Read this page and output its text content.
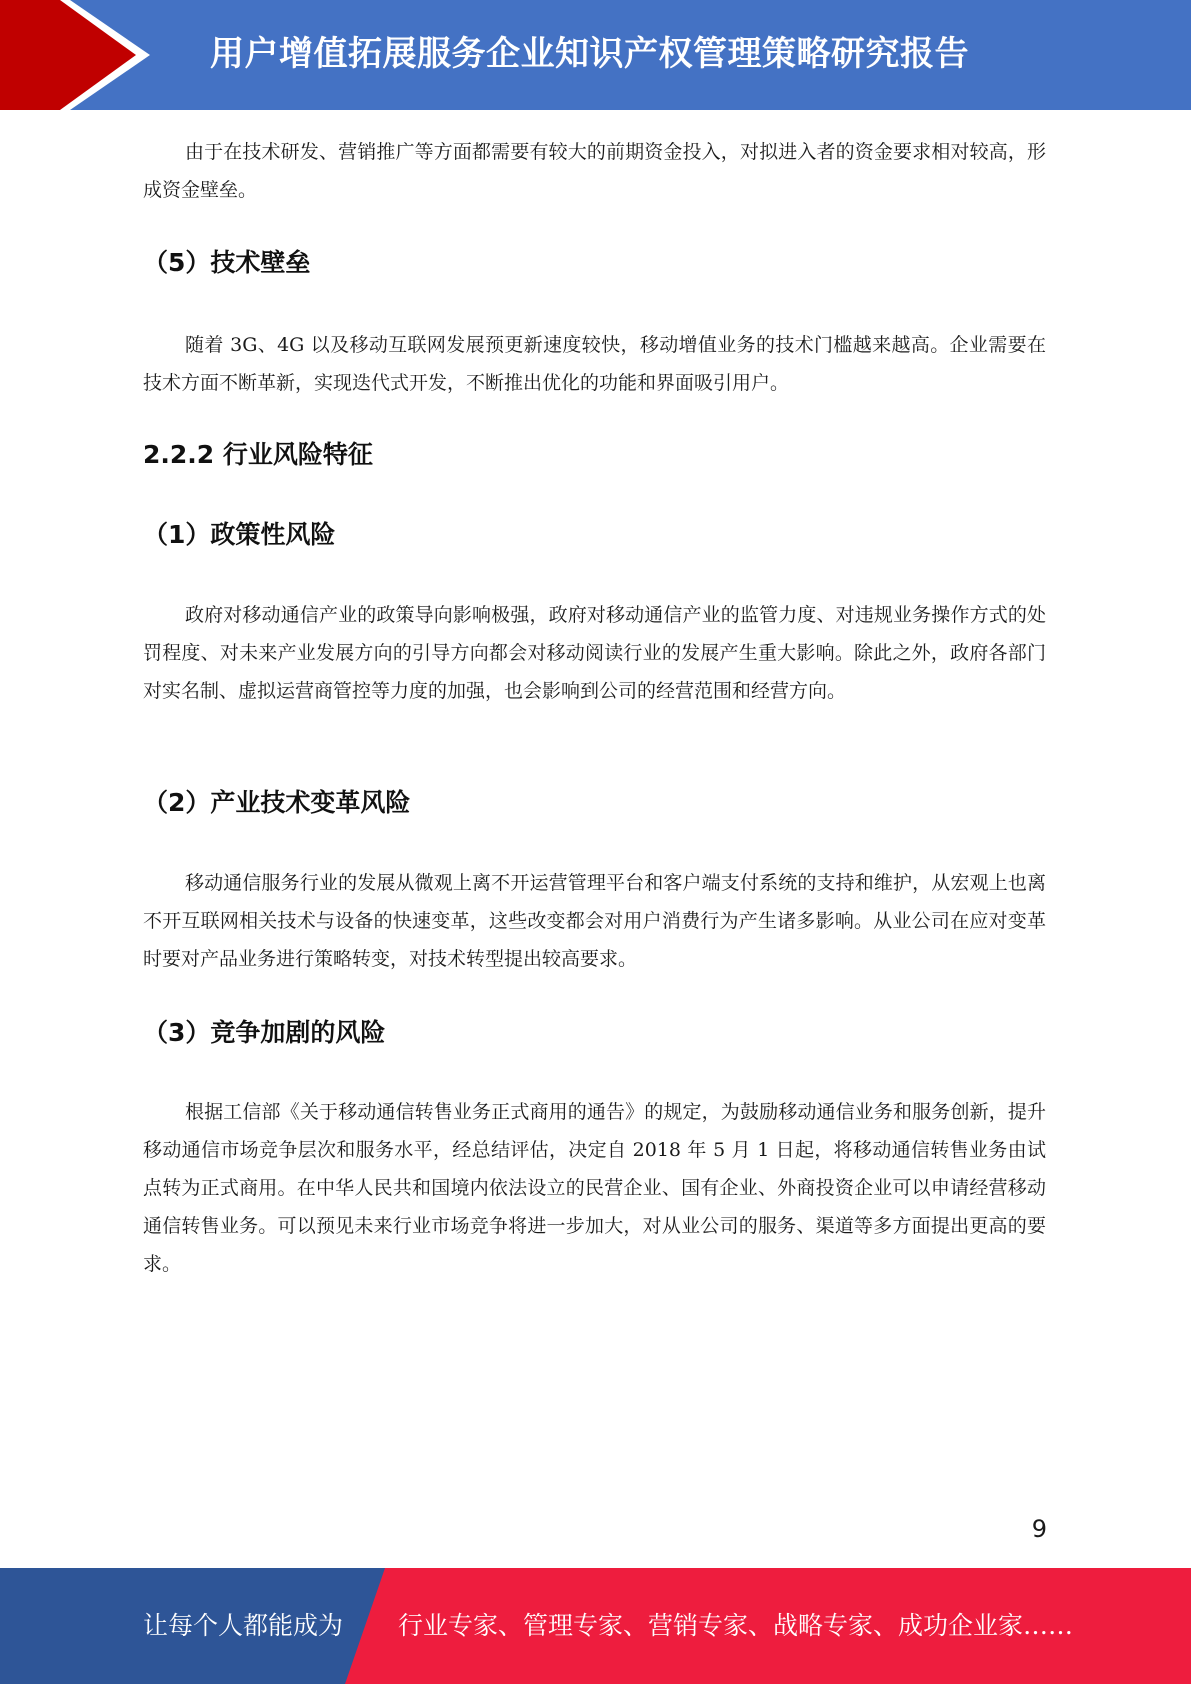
用户增值拓展服务企业知识产权管理策略研究报告

由于在技术研发、营销推广等方面都需要有较大的前期资金投入，对拟进入者的资金要求相对较高，形成资金壁垒。

（5）技术壁垒

随着 3G、4G 以及移动互联网发展预更新速度较快，移动增值业务的技术门槛越来越高。企业需要在技术方面不断革新，实现迭代式开发，不断推出优化的功能和界面吸引用户。

2.2.2 行业风险特征
（1）政策性风险

政府对移动通信产业的政策导向影响极强，政府对移动通信产业的监管力度、对违规业务操作方式的处罚程度、对未来产业发展方向的引导方向都会对移动阅读行业的发展产生重大影响。除此之外，政府各部门对实名制、虚拟运营商管控等力度的加强，也会影响到公司的经营范围和经营方向。

（2）产业技术变革风险

移动通信服务行业的发展从微观上离不开运营管理平台和客户端支付系统的支持和维护，从宏观上也离不开互联网相关技术与设备的快速变革，这些改变都会对用户消费行为产生诸多影响。从业公司在应对变革时要对产品业务进行策略转变，对技术转型提出较高要求。

（3）竞争加剧的风险

根据工信部《关于移动通信转售业务正式商用的通告》的规定，为鼓励移动通信业务和服务创新，提升移动通信市场竞争层次和服务水平，经总结评估，决定自 2018 年 5 月 1 日起，将移动通信转售业务由试点转为正式商用。在中华人民共和国境内依法设立的民营企业、国有企业、外商投资企业可以申请经营移动通信转售业务。可以预见未来行业市场竞争将进一步加大，对从业公司的服务、渠道等多方面提出更高的要求。

9
让每个人都能成为 行业专家、管理专家、营销专家、战略专家、成功企业家……
